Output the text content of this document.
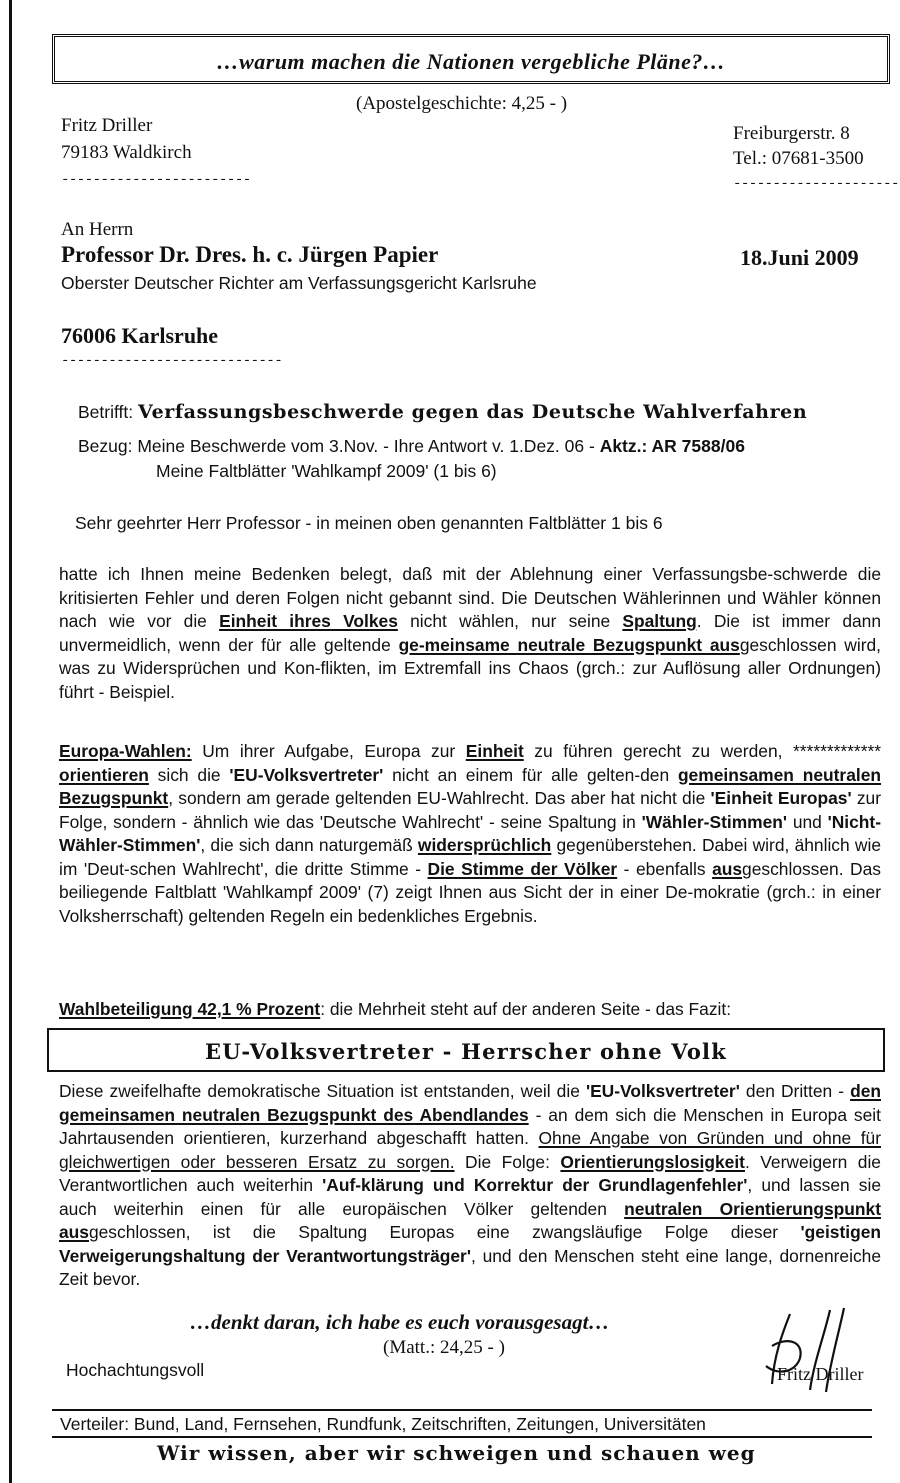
…warum machen die Nationen vergebliche Pläne?…
(Apostelgeschichte: 4,25 - )
Fritz Driller
79183 Waldkirch
------------------------
Freiburgerstr. 8
Tel.: 07681-3500
---------------------
An Herrn
Professor Dr. Dres. h. c. Jürgen Papier
Oberster Deutscher Richter am Verfassungsgericht Karlsruhe
18.Juni 2009
76006 Karlsruhe
----------------------------
Betrifft: Verfassungsbeschwerde gegen das Deutsche Wahlverfahren
Bezug: Meine Beschwerde vom 3.Nov. - Ihre Antwort v. 1.Dez. 06 - Aktz.: AR 7588/06
Meine Faltblätter 'Wahlkampf 2009' (1 bis 6)
Sehr geehrter Herr Professor - in meinen oben genannten Faltblätter 1 bis 6

hatte ich Ihnen meine Bedenken belegt, daß mit der Ablehnung einer Verfassungsbe-schwerde die kritisierten Fehler und deren Folgen nicht gebannt sind. Die Deutschen Wählerinnen und Wähler können nach wie vor die Einheit ihres Volkes nicht wählen, nur seine Spaltung. Die ist immer dann unvermeidlich, wenn der für alle geltende ge-meinsame neutrale Bezugspunkt ausgeschlossen wird, was zu Widersprüchen und Kon-flikten, im Extremfall ins Chaos (grch.: zur Auflösung aller Ordnungen) führt - Beispiel.

Europa-Wahlen: Um ihrer Aufgabe, Europa zur Einheit zu führen gerecht zu werden, ************* orientieren sich die 'EU-Volksvertreter' nicht an einem für alle gelten-den gemeinsamen neutralen Bezugspunkt, sondern am gerade geltenden EU-Wahlrecht. Das aber hat nicht die 'Einheit Europas' zur Folge, sondern - ähnlich wie das 'Deutsche Wahlrecht' - seine Spaltung in 'Wähler-Stimmen' und 'Nicht-Wähler-Stimmen', die sich dann naturgemäß widersprüchlich gegenüberstehen. Dabei wird, ähnlich wie im 'Deut-schen Wahlrecht', die dritte Stimme - Die Stimme der Völker - ebenfalls ausgeschlossen. Das beiliegende Faltblatt 'Wahlkampf 2009' (7) zeigt Ihnen aus Sicht der in einer De-mokratie (grch.: in einer Volksherrschaft) geltenden Regeln ein bedenkliches Ergebnis.

Wahlbeteiligung 42,1 % Prozent: die Mehrheit steht auf der anderen Seite - das Fazit:

EU-Volksvertreter - Herrscher ohne Volk

Diese zweifelhafte demokratische Situation ist entstanden, weil die 'EU-Volksvertreter' den Dritten - den gemeinsamen neutralen Bezugspunkt des Abendlandes - an dem sich die Menschen in Europa seit Jahrtausenden orientieren, kurzerhand abgeschafft hatten. Ohne Angabe von Gründen und ohne für gleichwertigen oder besseren Ersatz zu sorgen. Die Folge: Orientierungslosigkeit. Verweigern die Verantwortlichen auch weiterhin 'Auf-klärung und Korrektur der Grundlagenfehler', und lassen sie auch weiterhin einen für alle europäischen Völker geltenden neutralen Orientierungspunkt ausgeschlossen, ist die Spaltung Europas eine zwangsläufige Folge dieser 'geistigen Verweigerungshaltung der Verantwortungsträger', und den Menschen steht eine lange, dornenreiche Zeit bevor.

…denkt daran, ich habe es euch vorausgesagt…
(Matt.: 24,25 - )
Hochachtungsvoll	Fritz Driller
Verteiler: Bund, Land, Fernsehen, Rundfunk, Zeitschriften, Zeitungen, Universitäten
Wir wissen, aber wir schweigen und schauen weg
